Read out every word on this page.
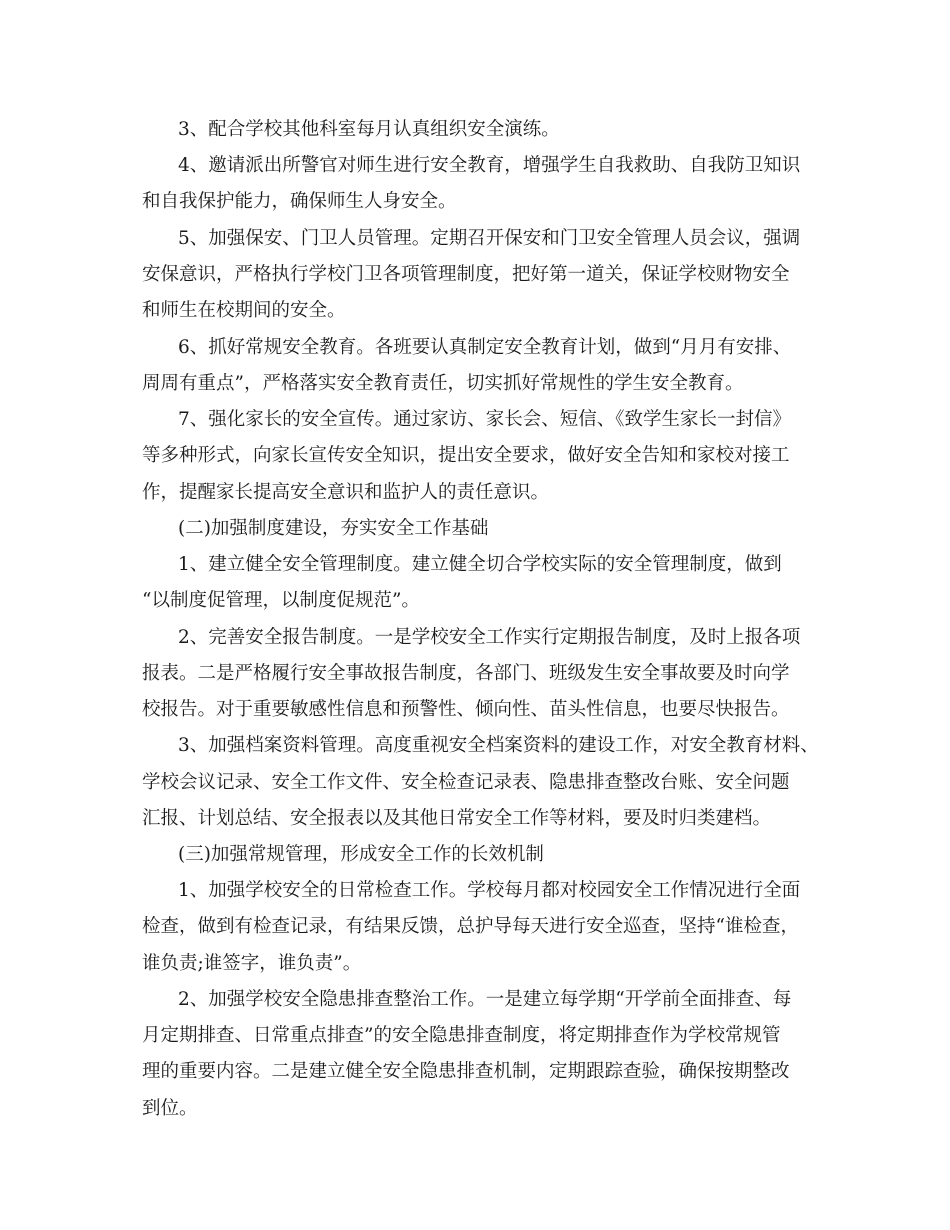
3、配合学校其他科室每月认真组织安全演练。
4、邀请派出所警官对师生进行安全教育，增强学生自我救助、自我防卫知识
和自我保护能力，确保师生人身安全。
5、加强保安、门卫人员管理。定期召开保安和门卫安全管理人员会议，强调
安保意识，严格执行学校门卫各项管理制度，把好第一道关，保证学校财物安全
和师生在校期间的安全。
6、抓好常规安全教育。各班要认真制定安全教育计划，做到“月月有安排、
周周有重点”，严格落实安全教育责任，切实抓好常规性的学生安全教育。
7、强化家长的安全宣传。通过家访、家长会、短信、《致学生家长一封信》
等多种形式，向家长宣传安全知识，提出安全要求，做好安全告知和家校对接工
作，提醒家长提高安全意识和监护人的责任意识。
(二)加强制度建设，夯实安全工作基础
1、建立健全安全管理制度。建立健全切合学校实际的安全管理制度，做到
“以制度促管理，以制度促规范”。
2、完善安全报告制度。一是学校安全工作实行定期报告制度，及时上报各项
报表。二是严格履行安全事故报告制度，各部门、班级发生安全事故要及时向学
校报告。对于重要敏感性信息和预警性、倾向性、苗头性信息，也要尽快报告。
3、加强档案资料管理。高度重视安全档案资料的建设工作，对安全教育材料、
学校会议记录、安全工作文件、安全检查记录表、隐患排查整改台账、安全问题
汇报、计划总结、安全报表以及其他日常安全工作等材料，要及时归类建档。
(三)加强常规管理，形成安全工作的长效机制
1、加强学校安全的日常检查工作。学校每月都对校园安全工作情况进行全面
检查，做到有检查记录，有结果反馈，总护导每天进行安全巡查，坚持“谁检查，
谁负责;谁签字，谁负责”。
2、加强学校安全隐患排查整治工作。一是建立每学期“开学前全面排查、每
月定期排查、日常重点排查”的安全隐患排查制度，将定期排查作为学校常规管
理的重要内容。二是建立健全安全隐患排查机制，定期跟踪查验，确保按期整改
到位。
